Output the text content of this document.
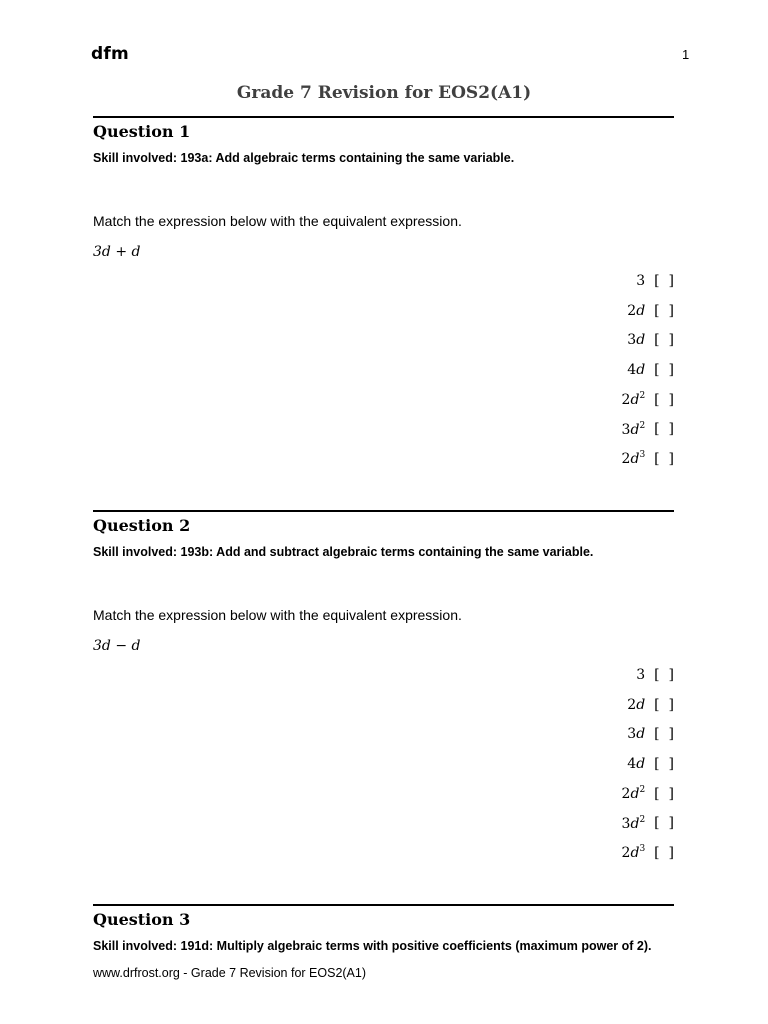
dfm	1
Grade 7 Revision for EOS2(A1)
Question 1
Skill involved: 193a: Add algebraic terms containing the same variable.
Match the expression below with the equivalent expression.
3d + d
3 [  ]
2d [  ]
3d [  ]
4d [  ]
$2d^2$ [  ]
$3d^2$ [  ]
$2d^3$ [  ]
Question 2
Skill involved: 193b: Add and subtract algebraic terms containing the same variable.
Match the expression below with the equivalent expression.
3d − d
3 [  ]
2d [  ]
3d [  ]
4d [  ]
$2d^2$ [  ]
$3d^2$ [  ]
$2d^3$ [  ]
Question 3
Skill involved: 191d: Multiply algebraic terms with positive coefficients (maximum power of 2).
www.drfrost.org - Grade 7 Revision for EOS2(A1)
